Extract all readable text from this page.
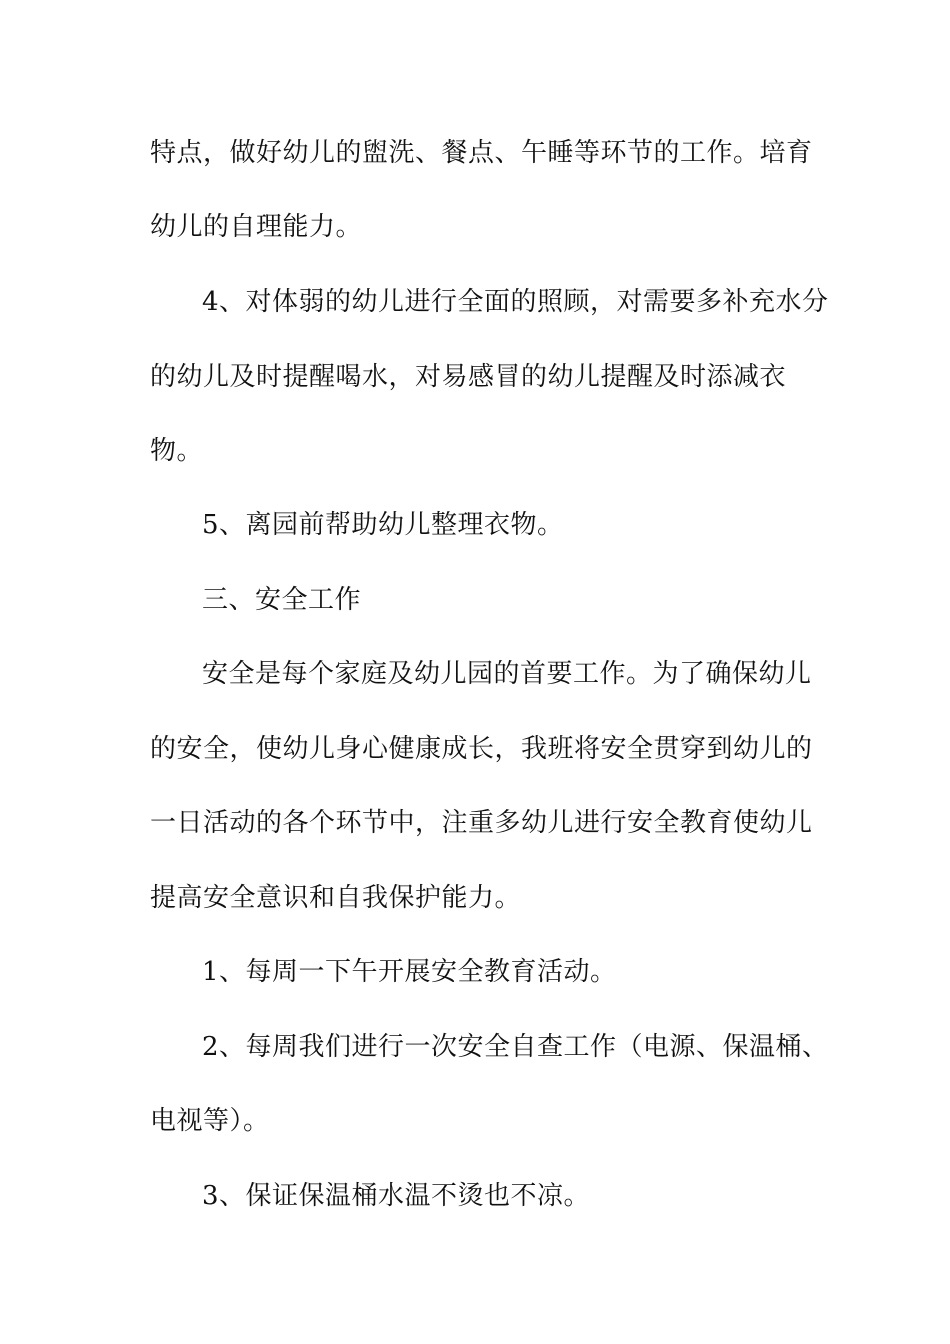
特点，做好幼儿的盥洗、餐点、午睡等环节的工作。培育
幼儿的自理能力。
4、对体弱的幼儿进行全面的照顾，对需要多补充水分
的幼儿及时提醒喝水，对易感冒的幼儿提醒及时添减衣
物。
5、离园前帮助幼儿整理衣物。
三、安全工作
安全是每个家庭及幼儿园的首要工作。为了确保幼儿
的安全，使幼儿身心健康成长，我班将安全贯穿到幼儿的
一日活动的各个环节中，注重多幼儿进行安全教育使幼儿
提高安全意识和自我保护能力。
1、每周一下午开展安全教育活动。
2、每周我们进行一次安全自查工作（电源、保温桶、
电视等）。
3、保证保温桶水温不烫也不凉。
